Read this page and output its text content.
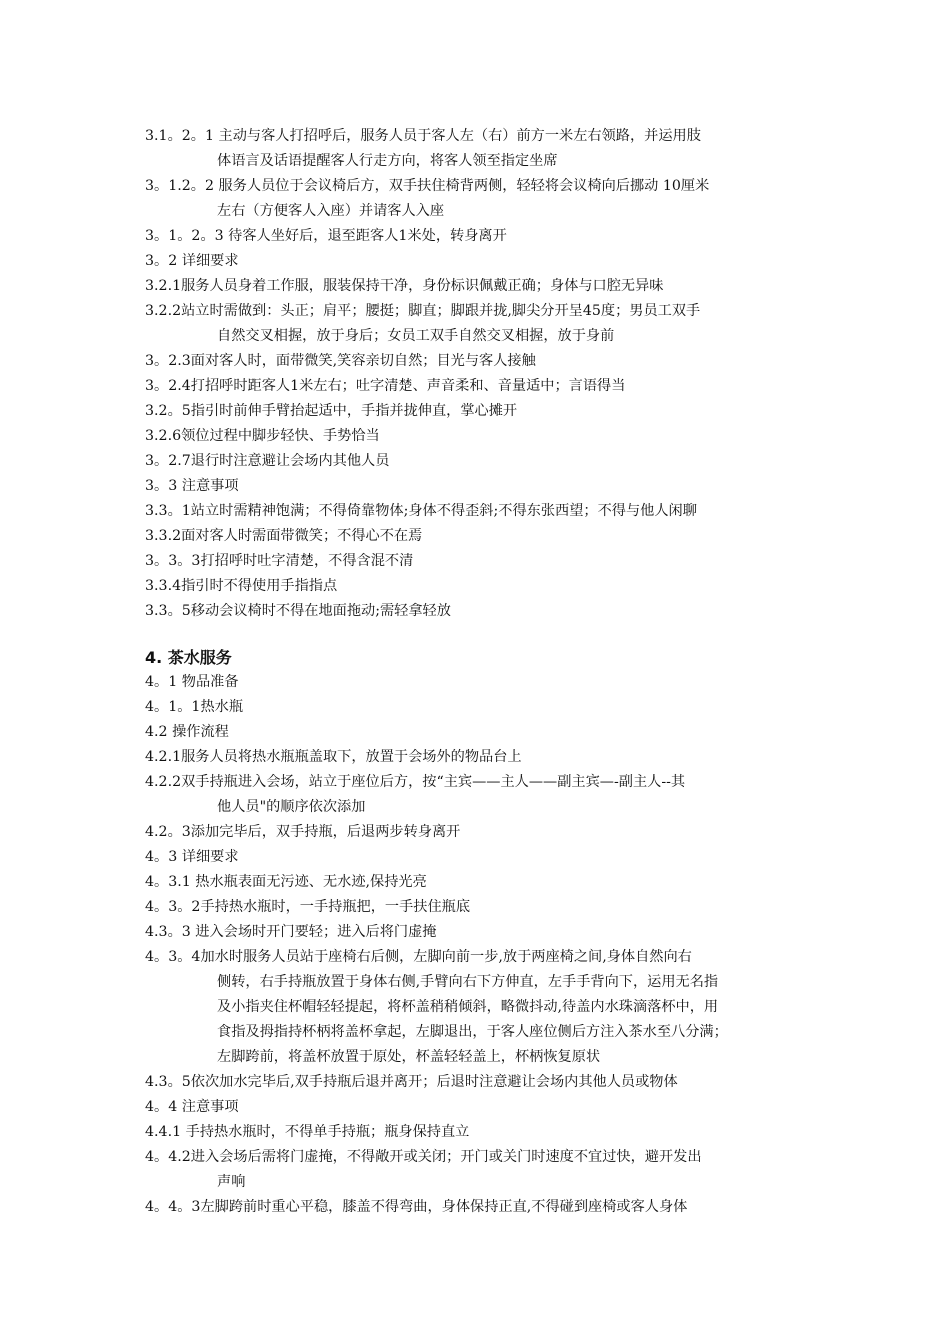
3.1。2。1 主动与客人打招呼后，服务人员于客人左（右）前方一米左右领路，并运用肢
体语言及话语提醒客人行走方向，将客人领至指定坐席
3。1.2。2 服务人员位于会议椅后方，双手扶住椅背两侧，轻轻将会议椅向后挪动 10厘米
左右（方便客人入座）并请客人入座
3。1。2。3 待客人坐好后，退至距客人1米处，转身离开
3。2 详细要求
3.2.1服务人员身着工作服，服装保持干净，身份标识佩戴正确；身体与口腔无异味
3.2.2站立时需做到：头正；肩平；腰挺；脚直；脚跟并拢,脚尖分开呈45度；男员工双手
自然交叉相握，放于身后；女员工双手自然交叉相握，放于身前
3。2.3面对客人时，面带微笑,笑容亲切自然；目光与客人接触
3。2.4打招呼时距客人1米左右；吐字清楚、声音柔和、音量适中；言语得当
3.2。5指引时前伸手臂抬起适中，手指并拢伸直，掌心摊开
3.2.6领位过程中脚步轻快、手势恰当
3。2.7退行时注意避让会场内其他人员
3。3 注意事项
3.3。1站立时需精神饱满；不得倚靠物体;身体不得歪斜;不得东张西望；不得与他人闲聊
3.3.2面对客人时需面带微笑；不得心不在焉
3。3。3打招呼时吐字清楚，不得含混不清
3.3.4指引时不得使用手指指点
3.3。5移动会议椅时不得在地面拖动;需轻拿轻放
4. 茶水服务
4。1 物品准备
4。1。1热水瓶
4.2 操作流程
4.2.1服务人员将热水瓶瓶盖取下，放置于会场外的物品台上
4.2.2双手持瓶进入会场，站立于座位后方，按“主宾——主人——副主宾—-副主人--其
他人员"的顺序依次添加
4.2。3添加完毕后，双手持瓶，后退两步转身离开
4。3 详细要求
4。3.1 热水瓶表面无污迹、无水迹,保持光亮
4。3。2手持热水瓶时，一手持瓶把，一手扶住瓶底
4.3。3 进入会场时开门要轻；进入后将门虚掩
4。3。4加水时服务人员站于座椅右后侧，左脚向前一步,放于两座椅之间,身体自然向右
侧转，右手持瓶放置于身体右侧,手臂向右下方伸直，左手手背向下，运用无名指
及小指夹住杯帽轻轻提起，将杯盖稍稍倾斜，略微抖动,待盖内水珠滴落杯中，用
食指及拇指持杯柄将盖杯拿起，左脚退出，于客人座位侧后方注入茶水至八分满；
左脚跨前，将盖杯放置于原处，杯盖轻轻盖上，杯柄恢复原状
4.3。5依次加水完毕后,双手持瓶后退并离开；后退时注意避让会场内其他人员或物体
4。4 注意事项
4.4.1 手持热水瓶时，不得单手持瓶；瓶身保持直立
4。4.2进入会场后需将门虚掩，不得敞开或关闭；开门或关门时速度不宜过快，避开发出
声响
4。4。3左脚跨前时重心平稳，膝盖不得弯曲，身体保持正直,不得碰到座椅或客人身体
